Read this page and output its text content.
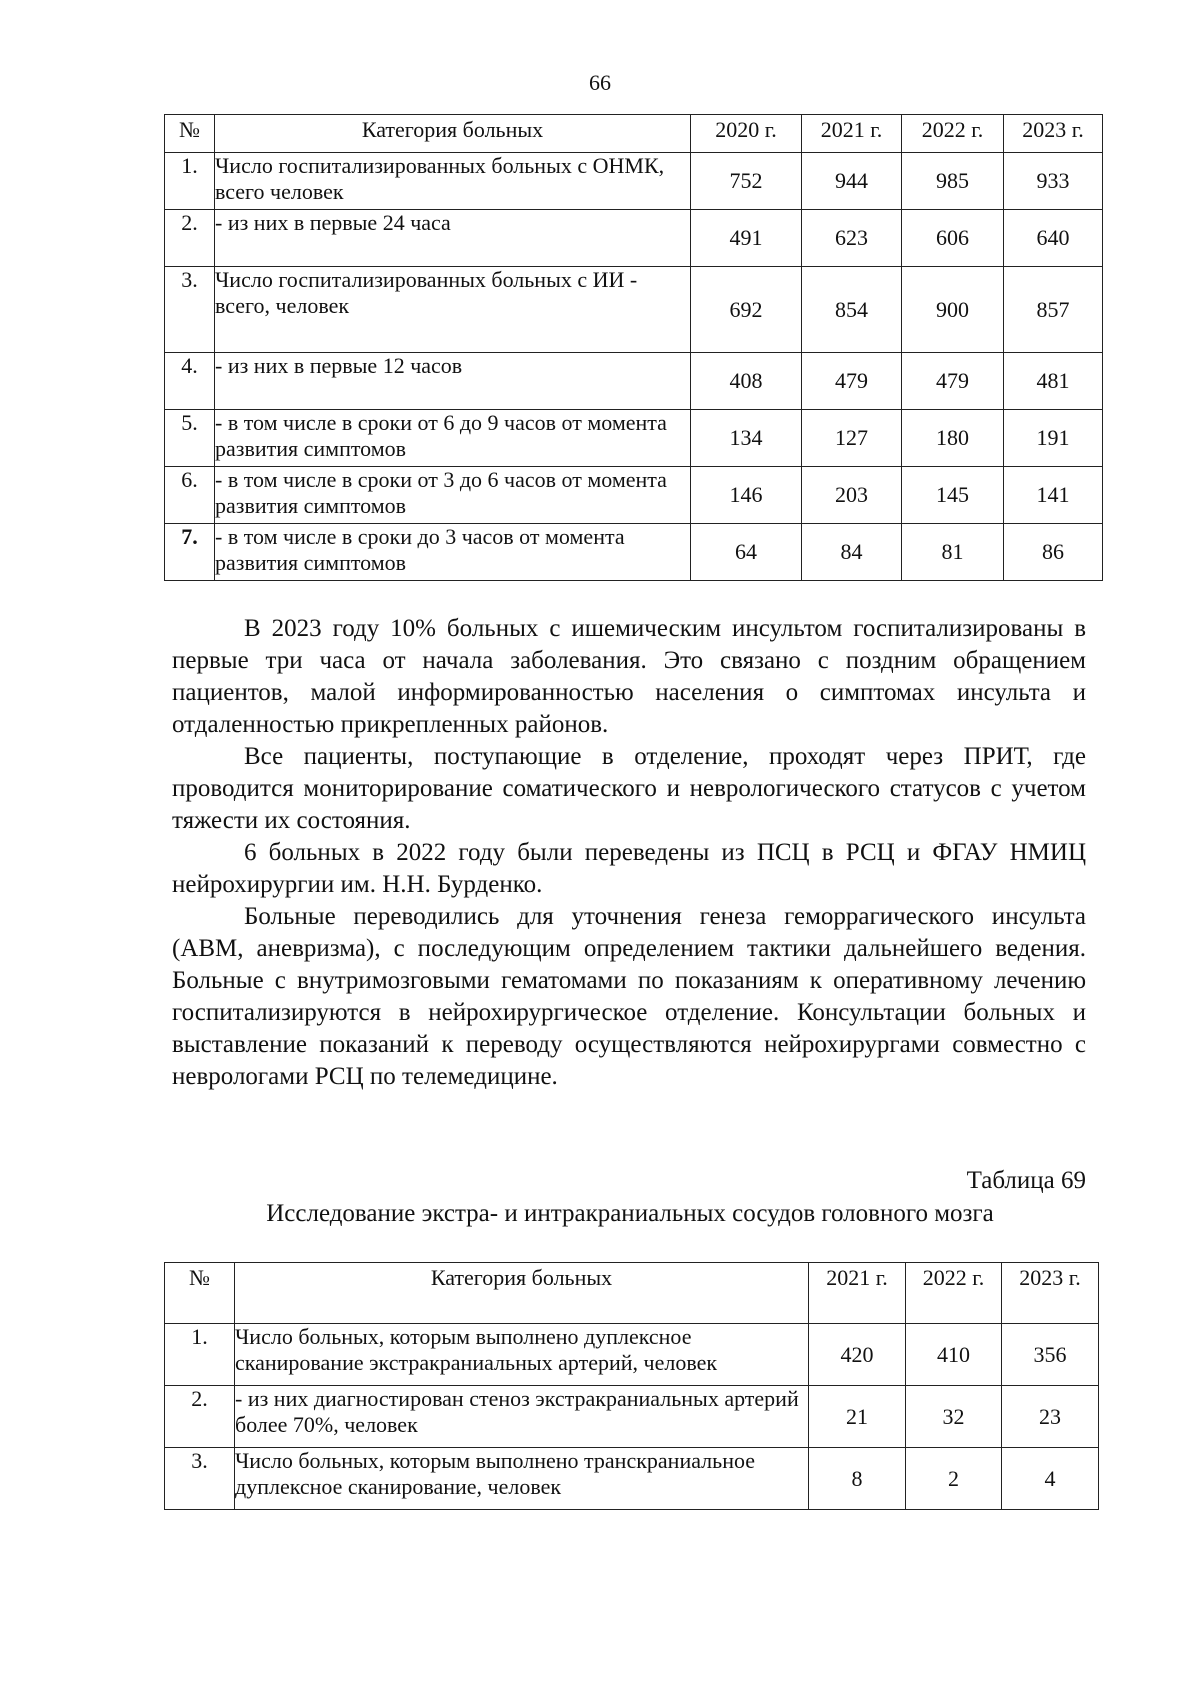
66
№	Категория больных	2020 г.	2021 г.	2022 г.	2023 г.
1.	Число госпитализированных больных с ОНМК, всего человек	752	944	985	933
2.	- из них в первые 24 часа	491	623	606	640
3.	Число госпитализированных больных с ИИ - всего, человек	692	854	900	857
4.	- из них в первые 12 часов	408	479	479	481
5.	- в том числе в сроки от 6 до 9 часов от момента развития симптомов	134	127	180	191
6.	- в том числе в сроки от 3 до 6 часов от момента развития симптомов	146	203	145	141
7.	- в том числе в сроки до 3 часов от момента развития симптомов	64	84	81	86

В 2023 году 10% больных с ишемическим инсультом госпитализированы в первые три часа от начала заболевания. Это связано с поздним обращением пациентов, малой информированностью населения о симптомах инсульта и отдаленностью прикрепленных районов.

Все пациенты, поступающие в отделение, проходят через ПРИТ, где проводится мониторирование соматического и неврологического статусов с учетом тяжести их состояния.

6 больных в 2022 году были переведены из ПСЦ в РСЦ и ФГАУ НМИЦ нейрохирургии им. Н.Н. Бурденко.

Больные переводились для уточнения генеза геморрагического инсульта (АВМ, аневризма), с последующим определением тактики дальнейшего ведения. Больные с внутримозговыми гематомами по показаниям к оперативному лечению госпитализируются в нейрохирургическое отделение. Консультации больных и выставление показаний к переводу осуществляются нейрохирургами совместно с неврологами РСЦ по телемедицине.

Таблица 69
Исследование экстра- и интракраниальных сосудов головного мозга
№	Категория больных	2021 г.	2022 г.	2023 г.
1.	Число больных, которым выполнено дуплексное сканирование экстракраниальных артерий, человек	420	410	356
2.	- из них диагностирован стеноз экстракраниальных артерий более 70%, человек	21	32	23
3.	Число больных, которым выполнено транскраниальное дуплексное сканирование, человек	8	2	4
